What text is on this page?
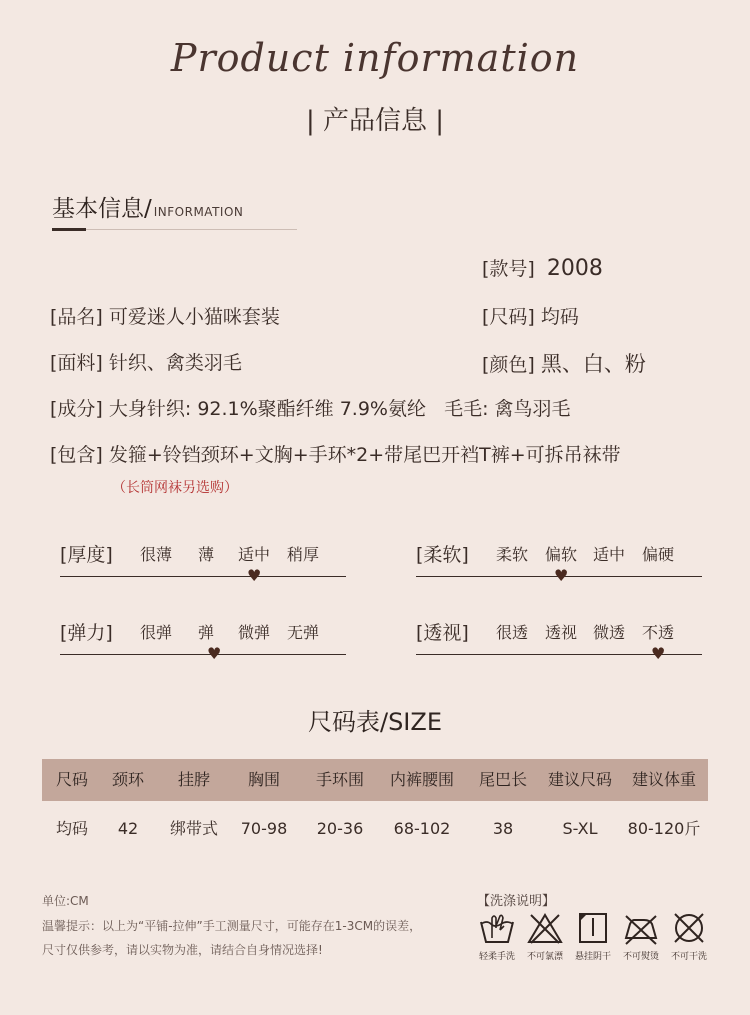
Product information
| 产品信息 |
基本信息/ INFORMATION
[款号] 2008
[品名] 可爱迷人小猫咪套装	[尺码] 均码
[面料] 针织、禽类羽毛	[颜色] 黑、白、粉
[成分] 大身针织: 92.1%聚酯纤维 7.9%氨纶   毛毛: 禽鸟羽毛
[包含] 发箍+铃铛颈环+文胸+手环*2+带尾巴开裆T裤+可拆吊袜带
（长筒网袜另选购）
[厚度] 很薄 薄 适中 稍厚
♥
[柔软] 柔软 偏软 适中 偏硬
♥
[弹力] 很弹 弹 微弹 无弹
♥
[透视] 很透 透视 微透 不透
♥
尺码表/SIZE
尺码	颈环	挂脖	胸围	手环围	内裤腰围	尾巴长	建议尺码	建议体重
均码	42	绑带式	70-98	20-36	68-102	38	S-XL	80-120斤
单位:CM
温馨提示：以上为“平铺-拉伸”手工测量尺寸，可能存在1-3CM的误差，
尺寸仅供参考，请以实物为准，请结合自身情况选择!
【洗涤说明】
轻柔手洗	不可氯漂	悬挂阴干	不可熨烫	不可干洗
